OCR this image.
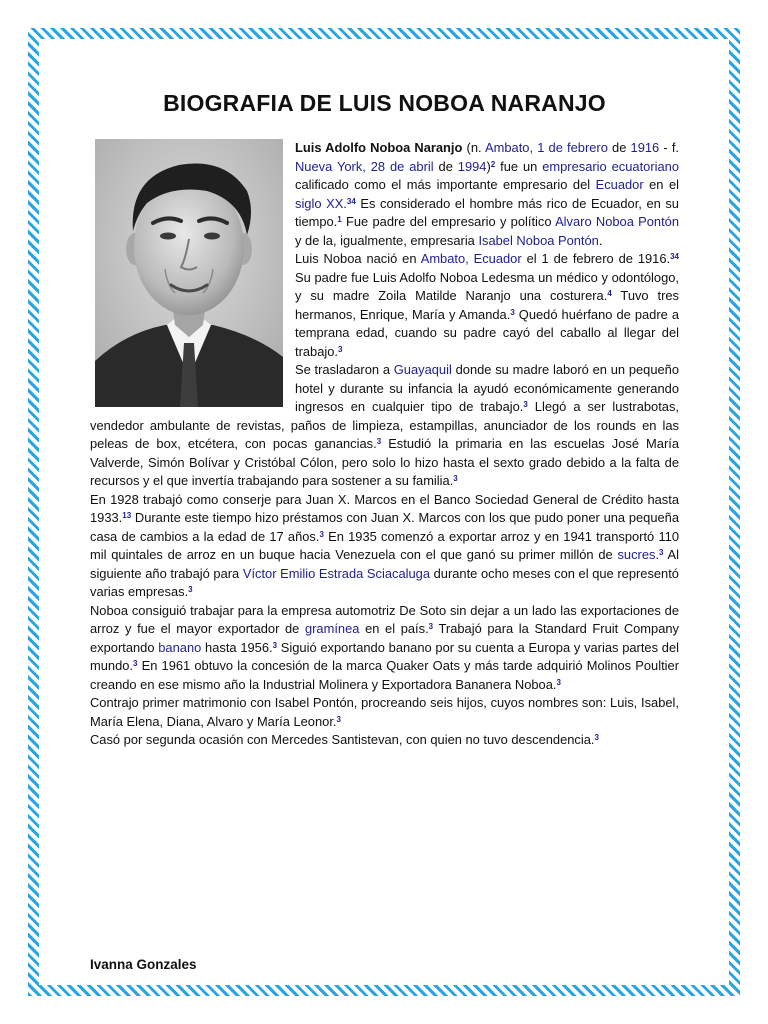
BIOGRAFIA DE LUIS NOBOA NARANJO

Luis Adolfo Noboa Naranjo (n. Ambato, 1 de febrero de 1916 - f. Nueva York, 28 de abril de 1994)$^2$ fue un empresario ecuatoriano calificado como el más importante empresario del Ecuador en el siglo XX.$^{34}$ Es considerado el hombre más rico de Ecuador, en su tiempo.$^1$ Fue padre del empresario y político Alvaro Noboa Pontón y de la, igualmente, empresaria Isabel Noboa Pontón.

Luis Noboa nació en Ambato, Ecuador el 1 de febrero de 1916.34 Su padre fue Luis Adolfo Noboa Ledesma un médico y odontólogo, y su madre Zoila Matilde Naranjo una costurera.$^4$ Tuvo tres hermanos, Enrique, María y Amanda.$^3$ Quedó huérfano de padre a temprana edad, cuando su padre cayó del caballo al llegar del trabajo.$^3$

Se trasladaron a Guayaquil donde su madre laboró en un pequeño hotel y durante su infancia la ayudó económicamente generando ingresos en cualquier tipo de trabajo.$^3$ Llegó a ser lustrabotas, vendedor ambulante de revistas, paños de limpieza, estampillas, anunciador de los rounds en las peleas de box, etcétera, con pocas ganancias.$^3$ Estudió la primaria en las escuelas José María Valverde, Simón Bolívar y Cristóbal Cólon, pero solo lo hizo hasta el sexto grado debido a la falta de recursos y el que invertía trabajando para sostener a su familia.$^3$

En 1928 trabajó como conserje para Juan X. Marcos en el Banco Sociedad General de Crédito hasta 1933.13 Durante este tiempo hizo préstamos con Juan X. Marcos con los que pudo poner una pequeña casa de cambios a la edad de 17 años.$^3$ En 1935 comenzó a exportar arroz y en 1941 transportó 110 mil quintales de arroz en un buque hacia Venezuela con el que ganó su primer millón de sucres.$^3$ Al siguiente año trabajó para Víctor Emilio Estrada Sciacaluga durante ocho meses con el que representó varias empresas.$^3$

Noboa consiguió trabajar para la empresa automotriz De Soto sin dejar a un lado las exportaciones de arroz y fue el mayor exportador de gramínea en el país.$^3$ Trabajó para la Standard Fruit Company exportando banano hasta 1956.$^3$ Siguió exportando banano por su cuenta a Europa y varias partes del mundo.$^3$ En 1961 obtuvo la concesión de la marca Quaker Oats y más tarde adquirió Molinos Poultier creando en ese mismo año la Industrial Molinera y Exportadora Bananera Noboa.$^3$

Contrajo primer matrimonio con Isabel Pontón, procreando seis hijos, cuyos nombres son: Luis, Isabel, María Elena, Diana, Alvaro y María Leonor.$^3$

Casó por segunda ocasión con Mercedes Santistevan, con quien no tuvo descendencia.$^3$

Ivanna Gonzales
